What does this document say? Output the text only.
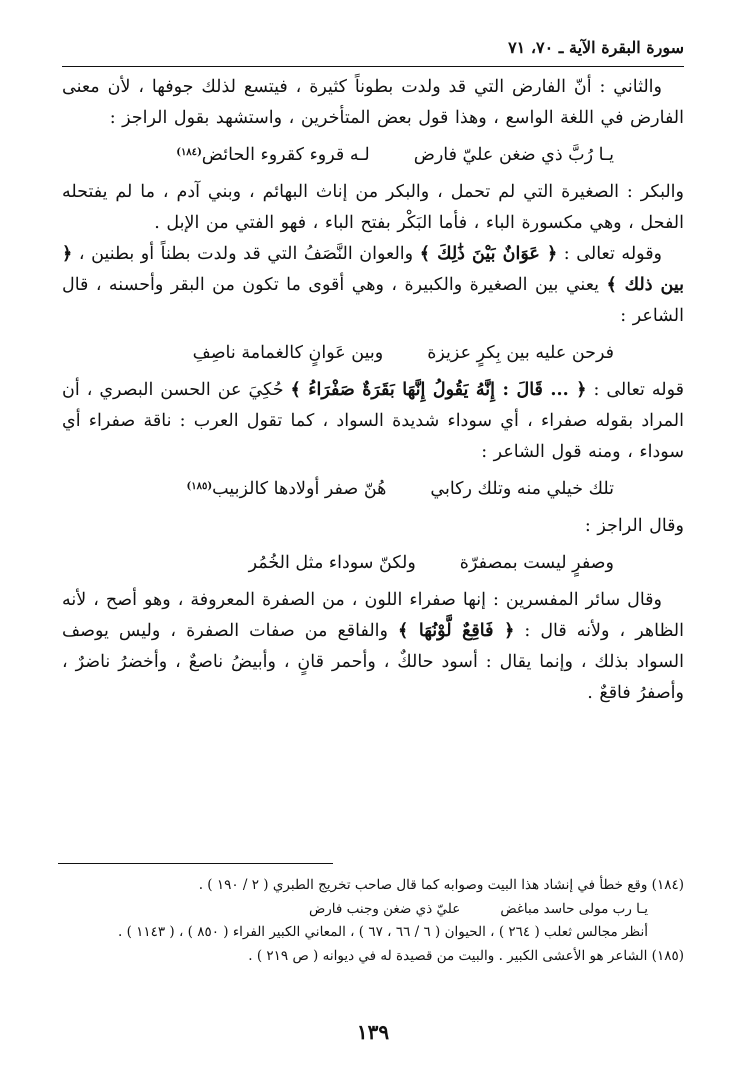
سورة البقرة الآية ـ ٧٠، ٧١

والثاني : أنّ الفارض التي قد ولدت بطوناً كثيرة ، فيتسع لذلك جوفها ، لأن معنى الفارض في اللغة الواسع ، وهذا قول بعض المتأخرين ، واستشهد بقول الراجز :

يـا رُبَّ ذي ضغن عليّ فارض
لـه قروء كقروء الحائض$^{(١٨٤)}$

والبكر : الصغيرة التي لم تحمل ، والبكر من إناث البهائم ، وبني آدم ، ما لم يفتحله الفحل ، وهي مكسورة الباء ، فأما البَكْر بفتح الباء ، فهو الفتي من الإبل .

وقوله تعالى : ﴿ عَوَانٌ بَيْنَ ذَٰلِكَ ﴾ والعوان النَّصَفُ التي قد ولدت بطناً أو بطنين ، ﴿ بين ذلك ﴾ يعني بين الصغيرة والكبيرة ، وهي أقوى ما تكون من البقر وأحسنه ، قال الشاعر :

فرحن عليه بين بِكرٍ عزيزة
وبين عَوانٍ كالغمامة ناصِفِ

قوله تعالى : ﴿ ... قَالَ : إِنَّهُ يَقُولُ إِنَّهَا بَقَرَةٌ صَفْرَاءُ ﴾ حُكِيَ عن الحسن البصري ، أن المراد بقوله صفراء ، أي سوداء شديدة السواد ، كما تقول العرب : ناقة صفراء أي سوداء ، ومنه قول الشاعر :

تلك خيلي منه وتلك ركابي
هُنّ صفر أولادها كالزبيب$^{(١٨٥)}$

وقال الراجز :

وصفرٍ ليست بمصفرّة
ولكنّ سوداء مثل الخُمُر

وقال سائر المفسرين : إنها صفراء اللون ، من الصفرة المعروفة ، وهو أصح ، لأنه الظاهر ، ولأنه قال : ﴿ فَاقِعٌ لَّوْنُهَا ﴾ والفاقع من صفات الصفرة ، وليس يوصف السواد بذلك ، وإنما يقال : أسود حالكٌ ، وأحمر قانٍ ، وأبيضُ ناصعٌ ، وأخضرُ ناضرٌ ، وأصفرُ فاقعٌ .

(١٨٤) وقع خطأ في إنشاد هذا البيت وصوابه كما قال صاحب تخريج الطبري ( ٢ / ١٩٠ ) .

يـا رب مولى حاسد مباغض
عليّ ذي ضغن وجنب فارض

أنظر مجالس ثعلب ( ٢٦٤ ) ، الحيوان ( ٦ / ٦٦ ، ٦٧ ) ، المعاني الكبير الفراء ( ٨٥٠ ) ، ( ١١٤٣ ) .

(١٨٥) الشاعر هو الأعشى الكبير . والبيت من قصيدة له في ديوانه ( ص ٢١٩ ) .

١٣٩
